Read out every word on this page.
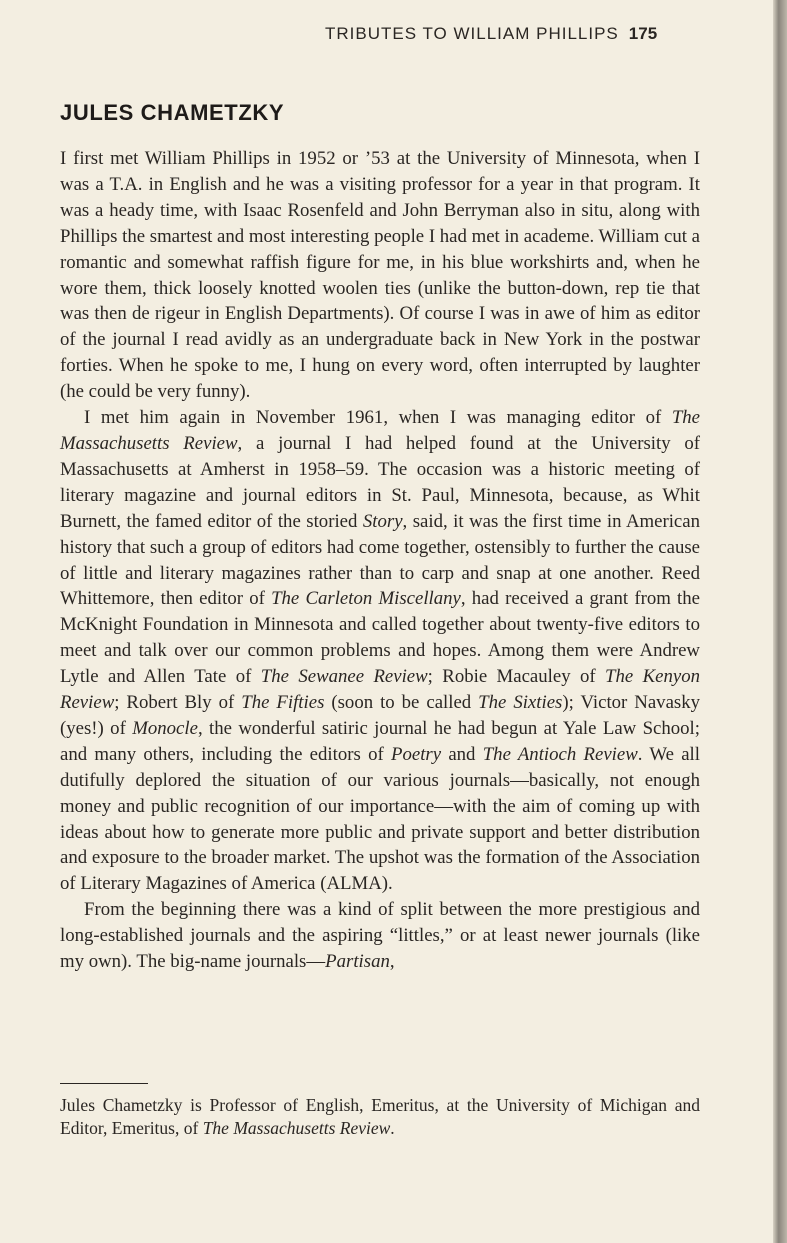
TRIBUTES TO WILLIAM PHILLIPS 175
JULES CHAMETZKY

I first met William Phillips in 1952 or ’53 at the University of Minnesota, when I was a T.A. in English and he was a visiting professor for a year in that program. It was a heady time, with Isaac Rosenfeld and John Berryman also in situ, along with Phillips the smartest and most interesting people I had met in academe. William cut a romantic and somewhat raffish figure for me, in his blue workshirts and, when he wore them, thick loosely knotted woolen ties (unlike the button-down, rep tie that was then de rigeur in English Departments). Of course I was in awe of him as editor of the journal I read avidly as an undergraduate back in New York in the postwar forties. When he spoke to me, I hung on every word, often interrupted by laughter (he could be very funny).

I met him again in November 1961, when I was managing editor of The Massachusetts Review, a journal I had helped found at the University of Massachusetts at Amherst in 1958–59. The occasion was a historic meeting of literary magazine and journal editors in St. Paul, Minnesota, because, as Whit Burnett, the famed editor of the storied Story, said, it was the first time in American history that such a group of editors had come together, ostensibly to further the cause of little and literary magazines rather than to carp and snap at one another. Reed Whittemore, then editor of The Carleton Miscellany, had received a grant from the McKnight Foundation in Minnesota and called together about twenty-five editors to meet and talk over our common problems and hopes. Among them were Andrew Lytle and Allen Tate of The Sewanee Review; Robie Macauley of The Kenyon Review; Robert Bly of The Fifties (soon to be called The Sixties); Victor Navasky (yes!) of Monocle, the wonderful satiric journal he had begun at Yale Law School; and many others, including the editors of Poetry and The Antioch Review. We all dutifully deplored the situation of our various journals—basically, not enough money and public recognition of our importance—with the aim of coming up with ideas about how to generate more public and private support and better distribution and exposure to the broader market. The upshot was the formation of the Association of Literary Magazines of America (ALMA).

From the beginning there was a kind of split between the more prestigious and long-established journals and the aspiring “littles,” or at least newer journals (like my own). The big-name journals—Partisan,

Jules Chametzky is Professor of English, Emeritus, at the University of Michigan and Editor, Emeritus, of The Massachusetts Review.
